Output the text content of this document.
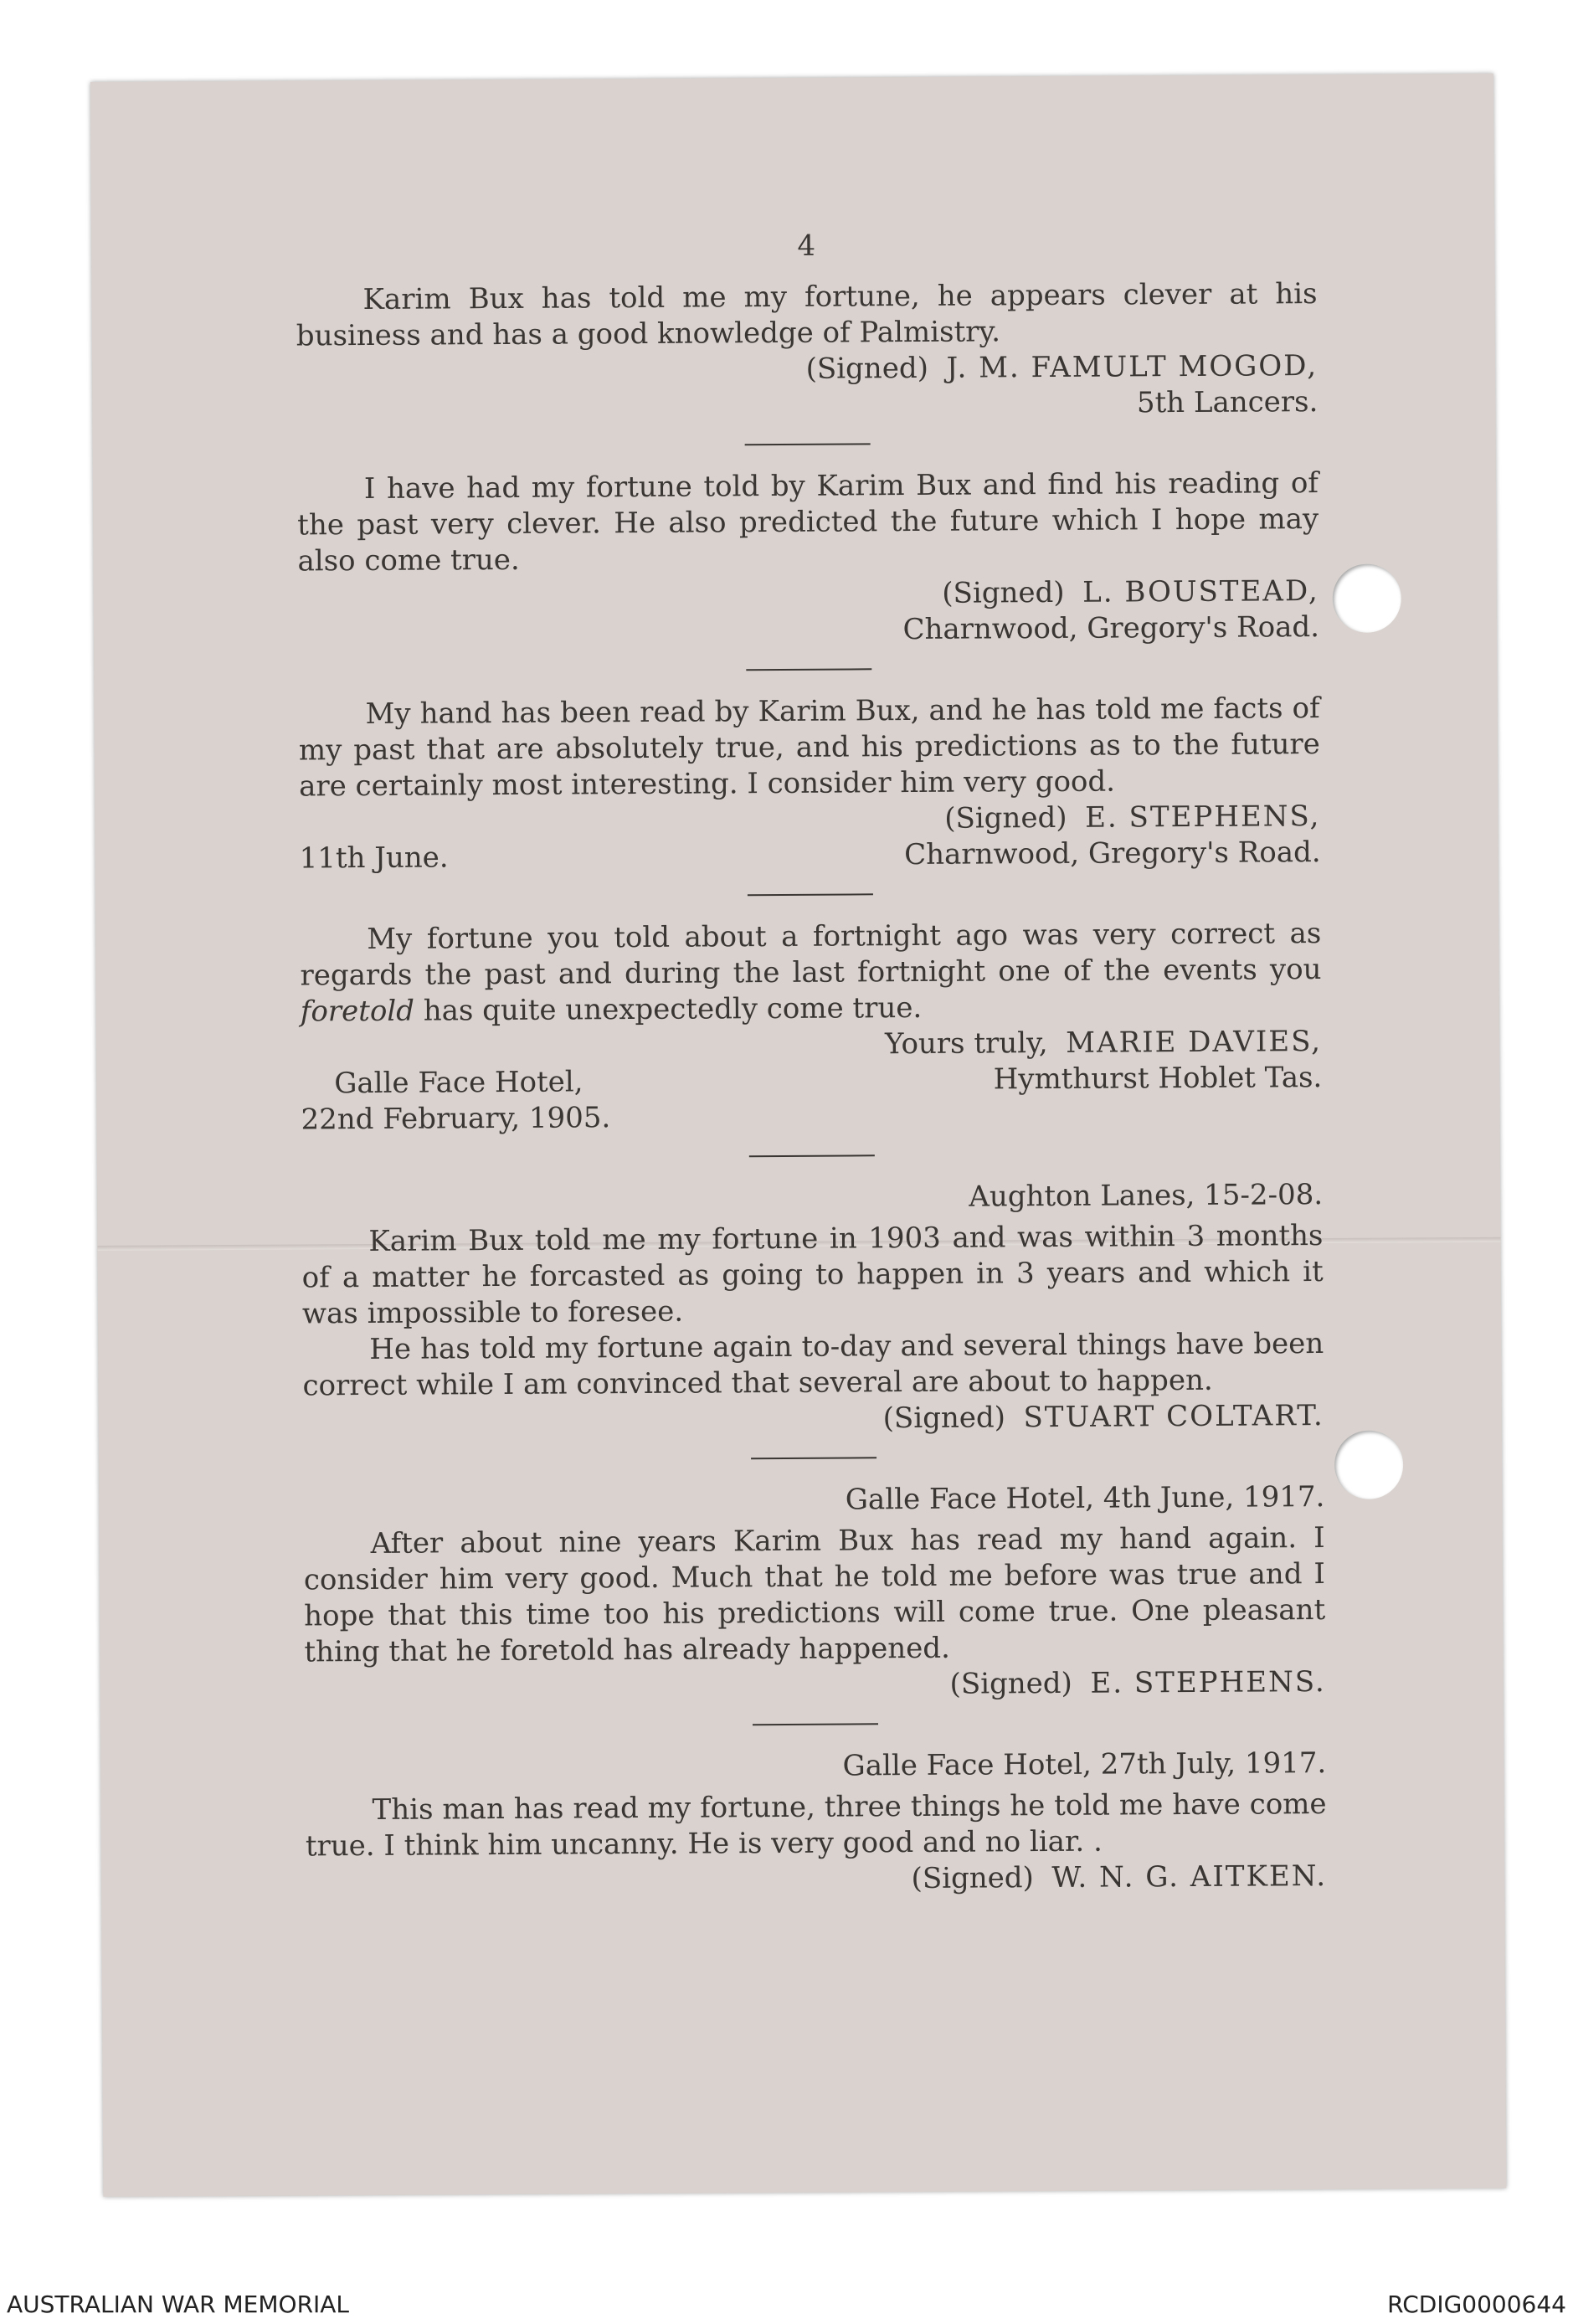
4

Karim Bux has told me my fortune, he appears clever at his business and has a good knowledge of Palmistry.

(Signed) J. M. FAMULT MOGOD,
5th Lancers.

I have had my fortune told by Karim Bux and find his reading of the past very clever. He also predicted the future which I hope may also come true.

(Signed) L. BOUSTEAD,
Charnwood, Gregory's Road.

My hand has been read by Karim Bux, and he has told me facts of my past that are absolutely true, and his predictions as to the future are certainly most interesting. I consider him very good.

(Signed) E. STEPHENS,
11th June.	Charnwood, Gregory's Road.

My fortune you told about a fortnight ago was very correct as regards the past and during the last fortnight one of the events you foretold has quite unexpectedly come true.

Yours truly, MARIE DAVIES,
Galle Face Hotel,	Hymthurst Hoblet Tas.
22nd February, 1905.
Aughton Lanes, 15-2-08.

Karim Bux told me my fortune in 1903 and was within 3 months of a matter he forcasted as going to happen in 3 years and which it was impossible to foresee.

He has told my fortune again to-day and several things have been correct while I am convinced that several are about to happen.

(Signed) STUART COLTART.
Galle Face Hotel, 4th June, 1917.

After about nine years Karim Bux has read my hand again. I consider him very good. Much that he told me before was true and I hope that this time too his predictions will come true. One pleasant thing that he foretold has already happened.

(Signed) E. STEPHENS.
Galle Face Hotel, 27th July, 1917.

This man has read my fortune, three things he told me have come true. I think him uncanny. He is very good and no liar. .

(Signed) W. N. G. AITKEN.
AUSTRALIAN WAR MEMORIAL	RCDIG0000644
